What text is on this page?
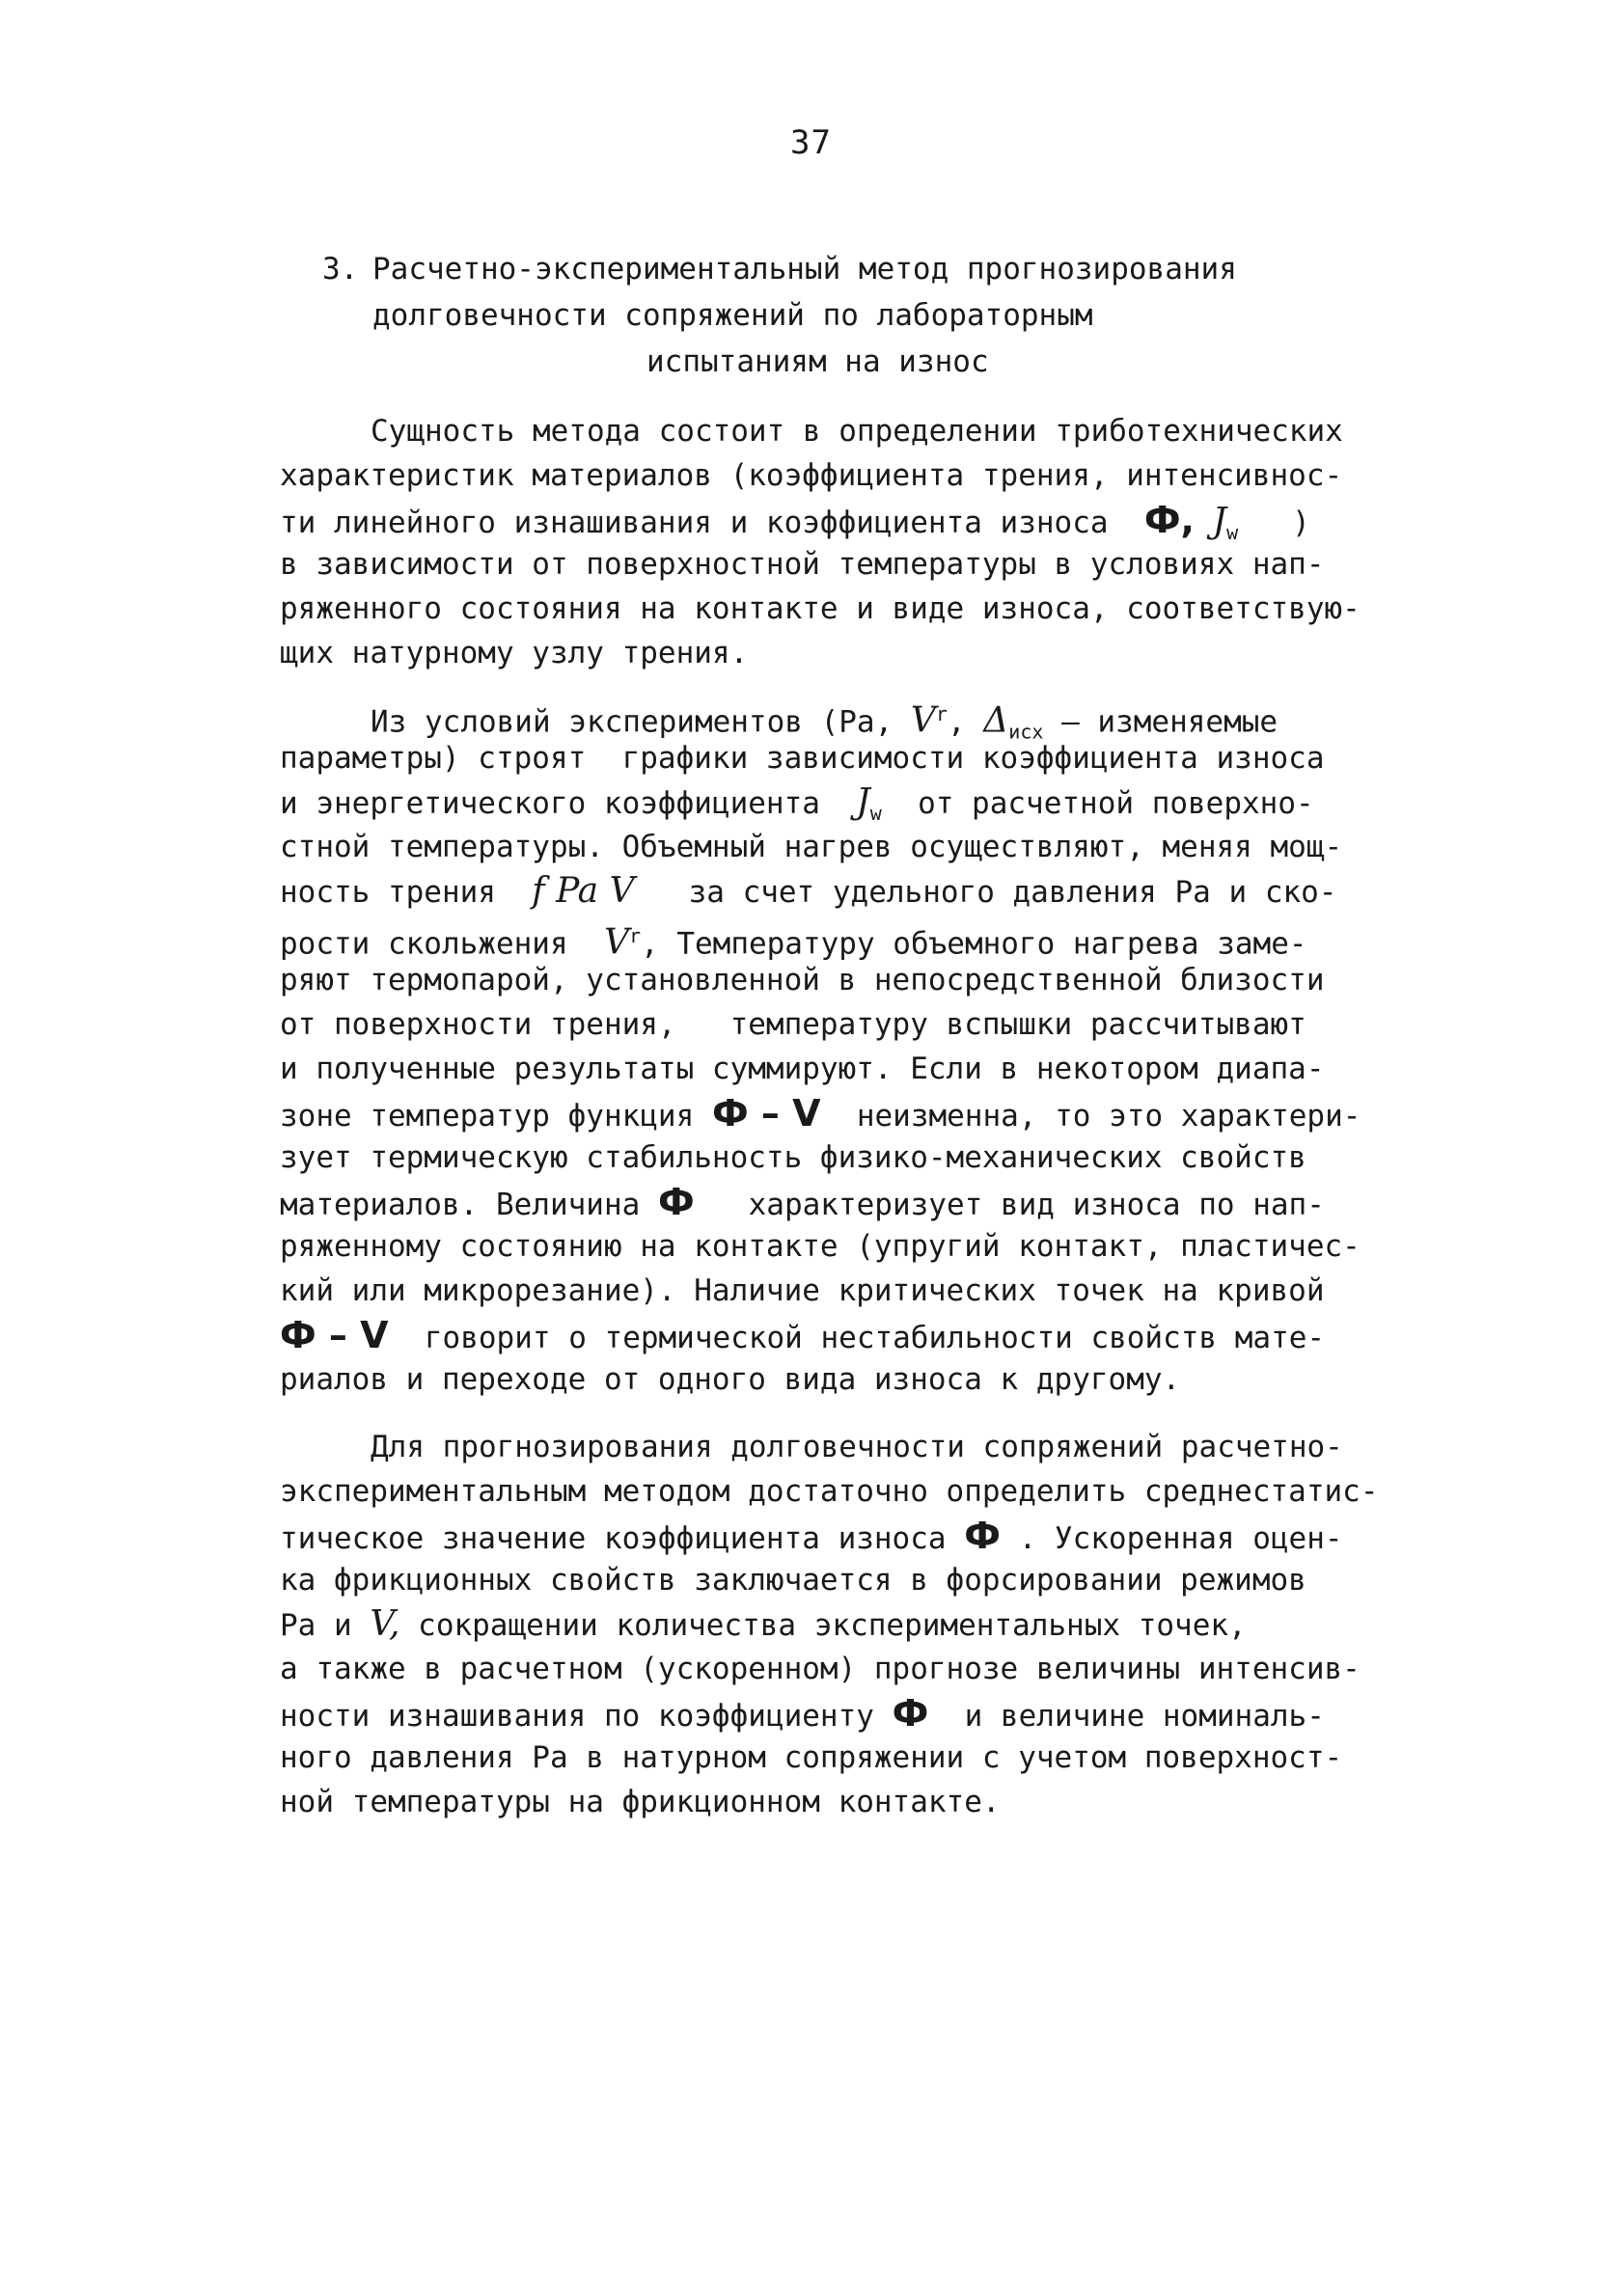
37
3. Расчетно-экспериментальный метод прогнозирования
долговечности сопряжений по лабораторным
испытаниям на износ
Сущность метода состоит в определении триботехнических
характеристик материалов (коэффициента трения, интенсивнос-
ти линейного изнашивания и коэффициента износа Ф, $J_w$ )
в зависимости от поверхностной температуры в условиях нап-
ряженного состояния на контакте и виде износа, соответствую-
щих натурному узлу трения.
Из условий экспериментов (Ра, $V^r$, $\Delta_{исх}$ – изменяемые
параметры) строят  графики зависимости коэффициента износа
и энергетического коэффициента $J_w$ от расчетной поверхно-
стной температуры. Объемный нагрев осуществляют, меняя мощ-
ность трения f Pa V за счет удельного давления Ра и ско-
рости скольжения $V^r$, Температуру объемного нагрева заме-
ряют термопарой, установленной в непосредственной близости
от поверхности трения,   температуру вспышки рассчитывают
и полученные результаты суммируют. Если в некотором диапа-
зоне температур функция Ф – V неизменна, то это характери-
зует термическую стабильность физико-механических свойств
материалов. Величина Ф характеризует вид износа по нап-
ряженному состоянию на контакте (упругий контакт, пластичес-
кий или микрорезание). Наличие критических точек на кривой
Ф – V говорит о термической нестабильности свойств мате-
риалов и переходе от одного вида износа к другому.
Для прогнозирования долговечности сопряжений расчетно-
экспериментальным методом достаточно определить среднестатис-
тическое значение коэффициента износа Ф . Ускоренная оцен-
ка фрикционных свойств заключается в форсировании режимов
Ра и V, сокращении количества экспериментальных точек,
а также в расчетном (ускоренном) прогнозе величины интенсив-
ности изнашивания по коэффициенту Ф и величине номиналь-
ного давления Ра в натурном сопряжении с учетом поверхност-
ной температуры на фрикционном контакте.
